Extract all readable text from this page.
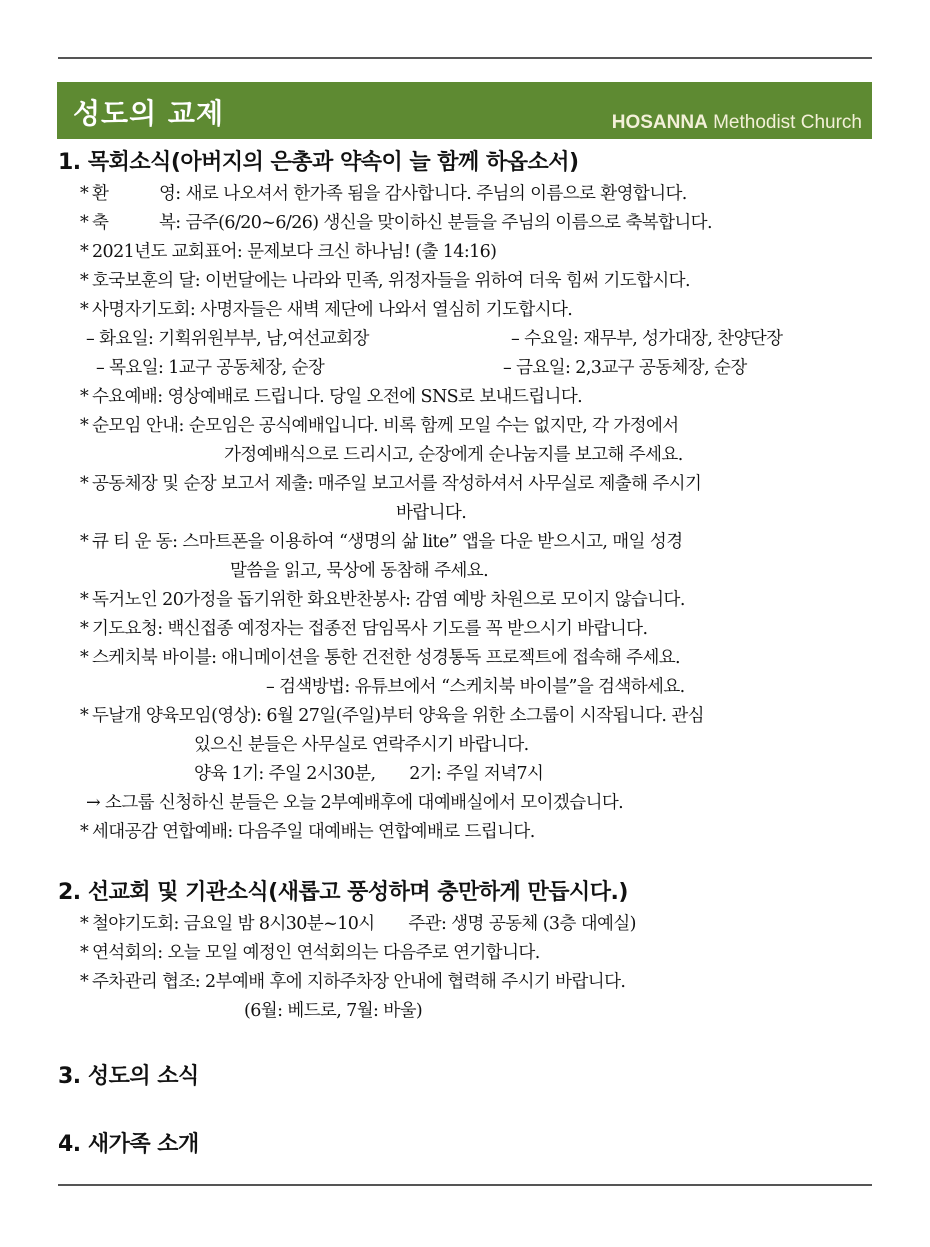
성도의 교제	HOSANNA Methodist Church
1. 목회소식(아버지의 은총과 약속이 늘 함께 하옵소서)
* 환　　　영: 새로 나오셔서 한가족 됨을 감사합니다. 주님의 이름으로 환영합니다.
* 축　　　복: 금주(6/20~6/26) 생신을 맞이하신 분들을 주님의 이름으로 축복합니다.
* 2021년도 교회표어: 문제보다 크신 하나님! (출 14:16)
* 호국보훈의 달: 이번달에는 나라와 민족, 위정자들을 위하여 더욱 힘써 기도합시다.
* 사명자기도회: 사명자들은 새벽 제단에 나와서 열심히 기도합시다.
– 화요일: 기획위원부부, 남,여선교회장	– 수요일: 재무부, 성가대장, 찬양단장
– 목요일: 1교구 공동체장, 순장	– 금요일: 2,3교구 공동체장, 순장
* 수요예배: 영상예배로 드립니다. 당일 오전에 SNS로 보내드립니다.
* 순모임 안내: 순모임은 공식예배입니다. 비록 함께 모일 수는 없지만, 각 가정에서
가정예배식으로 드리시고, 순장에게 순나눔지를 보고해 주세요.
* 공동체장 및 순장 보고서 제출: 매주일 보고서를 작성하셔서 사무실로 제출해 주시기
바랍니다.
* 큐 티 운 동: 스마트폰을 이용하여 “생명의 삶 lite” 앱을 다운 받으시고, 매일 성경
말씀을 읽고, 묵상에 동참해 주세요.
* 독거노인 20가정을 돕기위한 화요반찬봉사: 감염 예방 차원으로 모이지 않습니다.
* 기도요청: 백신접종 예정자는 접종전 담임목사 기도를 꼭 받으시기 바랍니다.
* 스케치북 바이블: 애니메이션을 통한 건전한 성경통독 프로젝트에 접속해 주세요.
– 검색방법: 유튜브에서 “스케치북 바이블”을 검색하세요.
* 두날개 양육모임(영상): 6월 27일(주일)부터 양육을 위한 소그룹이 시작됩니다. 관심
있으신 분들은 사무실로 연락주시기 바랍니다.
양육 1기: 주일 2시30분,　　2기: 주일 저녁7시
→ 소그룹 신청하신 분들은 오늘 2부예배후에 대예배실에서 모이겠습니다.
* 세대공감 연합예배: 다음주일 대예배는 연합예배로 드립니다.
2. 선교회 및 기관소식(새롭고 풍성하며 충만하게 만듭시다.)
* 철야기도회: 금요일 밤 8시30분~10시　　주관: 생명 공동체 (3층 대예실)
* 연석회의: 오늘 모일 예정인 연석회의는 다음주로 연기합니다.
* 주차관리 협조: 2부예배 후에 지하주차장 안내에 협력해 주시기 바랍니다.
(6월: 베드로, 7월: 바울)
3. 성도의 소식
4. 새가족 소개
